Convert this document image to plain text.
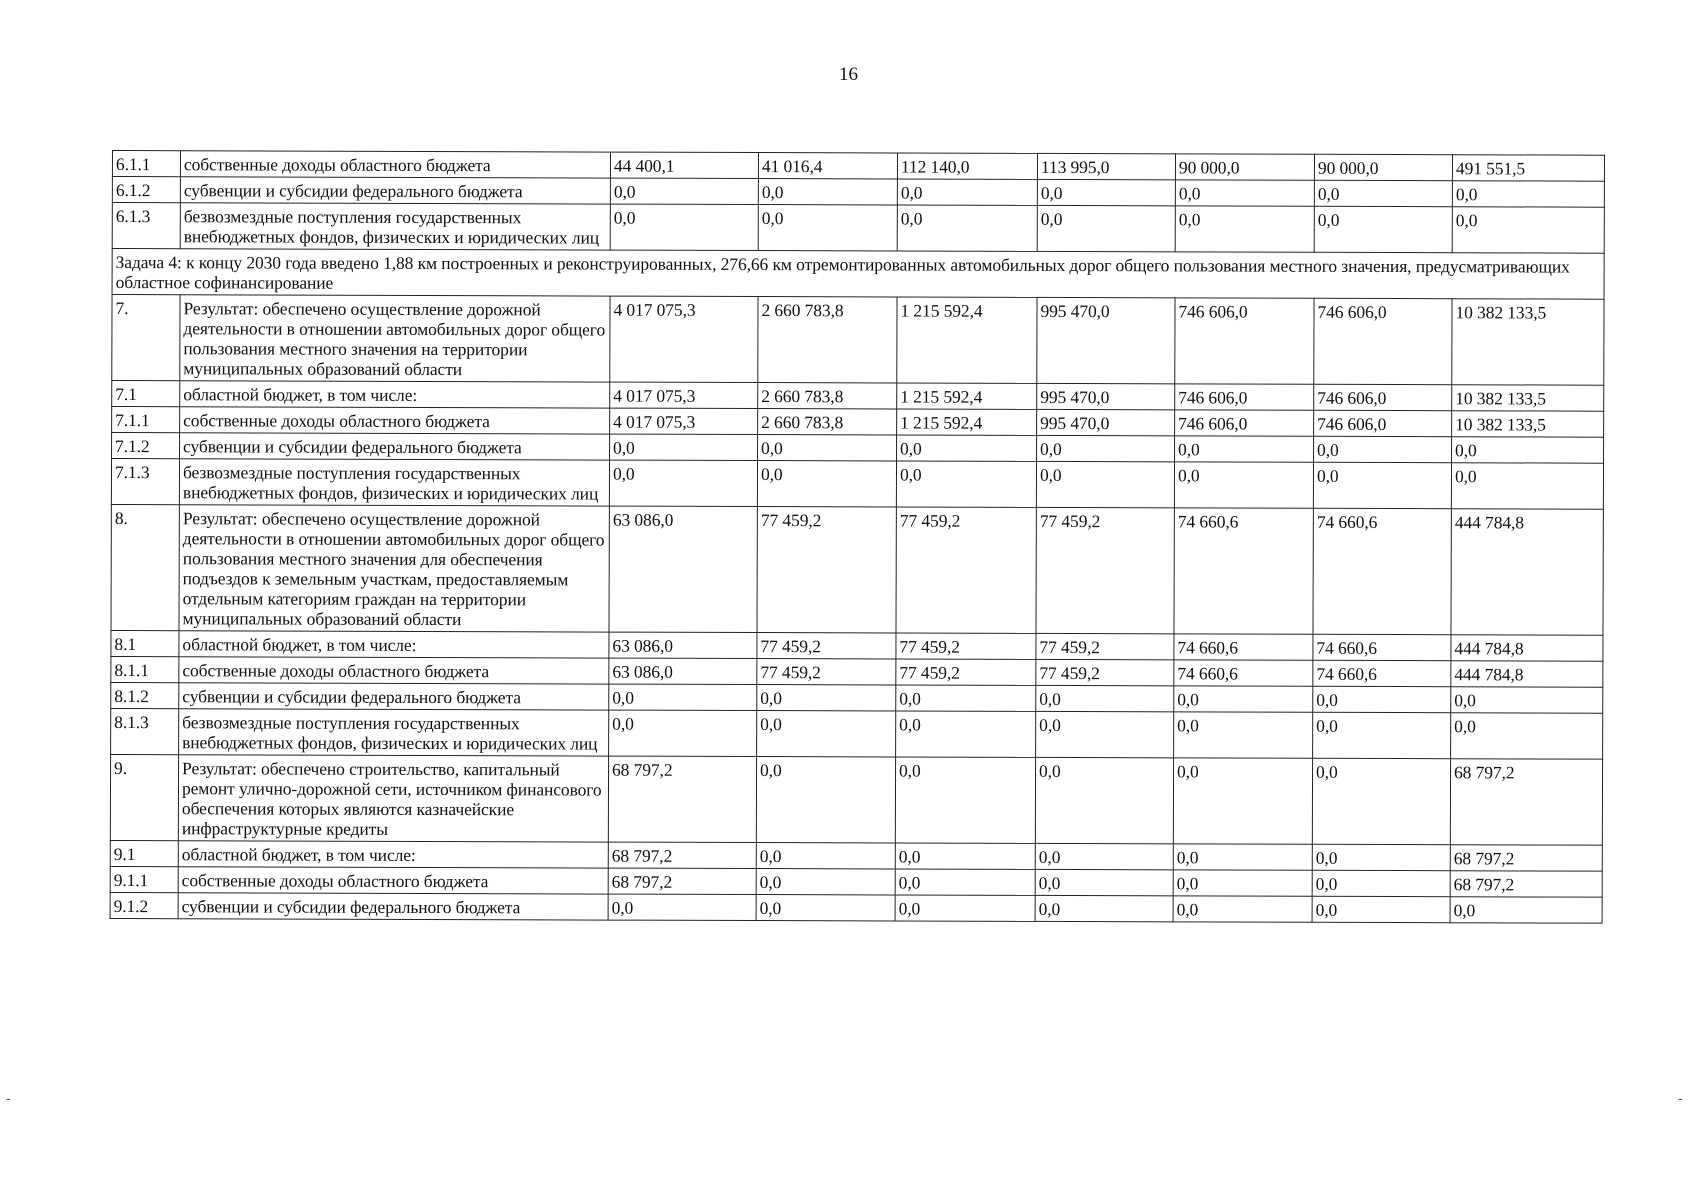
16
6.1.1	собственные доходы областного бюджета	44 400,1	41 016,4	112 140,0	113 995,0	90 000,0	90 000,0	491 551,5
6.1.2	субвенции и субсидии федерального бюджета	0,0	0,0	0,0	0,0	0,0	0,0	0,0
6.1.3	безвозмездные поступления государственных внебюджетных фондов, физических и юридических лиц	0,0	0,0	0,0	0,0	0,0	0,0	0,0
Задача 4: к концу 2030 года введено 1,88 км построенных и реконструированных, 276,66 км отремонтированных автомобильных дорог общего пользования местного значения, предусматривающих областное софинансирование								
7.	Результат: обеспечено осуществление дорожной деятельности в отношении автомобильных дорог общего пользования местного значения на территории муниципальных образований области	4 017 075,3	2 660 783,8	1 215 592,4	995 470,0	746 606,0	746 606,0	10 382 133,5
7.1	областной бюджет, в том числе:	4 017 075,3	2 660 783,8	1 215 592,4	995 470,0	746 606,0	746 606,0	10 382 133,5
7.1.1	собственные доходы областного бюджета	4 017 075,3	2 660 783,8	1 215 592,4	995 470,0	746 606,0	746 606,0	10 382 133,5
7.1.2	субвенции и субсидии федерального бюджета	0,0	0,0	0,0	0,0	0,0	0,0	0,0
7.1.3	безвозмездные поступления государственных внебюджетных фондов, физических и юридических лиц	0,0	0,0	0,0	0,0	0,0	0,0	0,0
8.	Результат: обеспечено осуществление дорожной деятельности в отношении автомобильных дорог общего пользования местного значения для обеспечения подъездов к земельным участкам, предоставляемым отдельным категориям граждан на территории муниципальных образований области	63 086,0	77 459,2	77 459,2	77 459,2	74 660,6	74 660,6	444 784,8
8.1	областной бюджет, в том числе:	63 086,0	77 459,2	77 459,2	77 459,2	74 660,6	74 660,6	444 784,8
8.1.1	собственные доходы областного бюджета	63 086,0	77 459,2	77 459,2	77 459,2	74 660,6	74 660,6	444 784,8
8.1.2	субвенции и субсидии федерального бюджета	0,0	0,0	0,0	0,0	0,0	0,0	0,0
8.1.3	безвозмездные поступления государственных внебюджетных фондов, физических и юридических лиц	0,0	0,0	0,0	0,0	0,0	0,0	0,0
9.	Результат: обеспечено строительство, капитальный ремонт улично-дорожной сети, источником финансового обеспечения которых являются казначейские инфраструктурные кредиты	68 797,2	0,0	0,0	0,0	0,0	0,0	68 797,2
9.1	областной бюджет, в том числе:	68 797,2	0,0	0,0	0,0	0,0	0,0	68 797,2
9.1.1	собственные доходы областного бюджета	68 797,2	0,0	0,0	0,0	0,0	0,0	68 797,2
9.1.2	субвенции и субсидии федерального бюджета	0,0	0,0	0,0	0,0	0,0	0,0	0,0
-	-
